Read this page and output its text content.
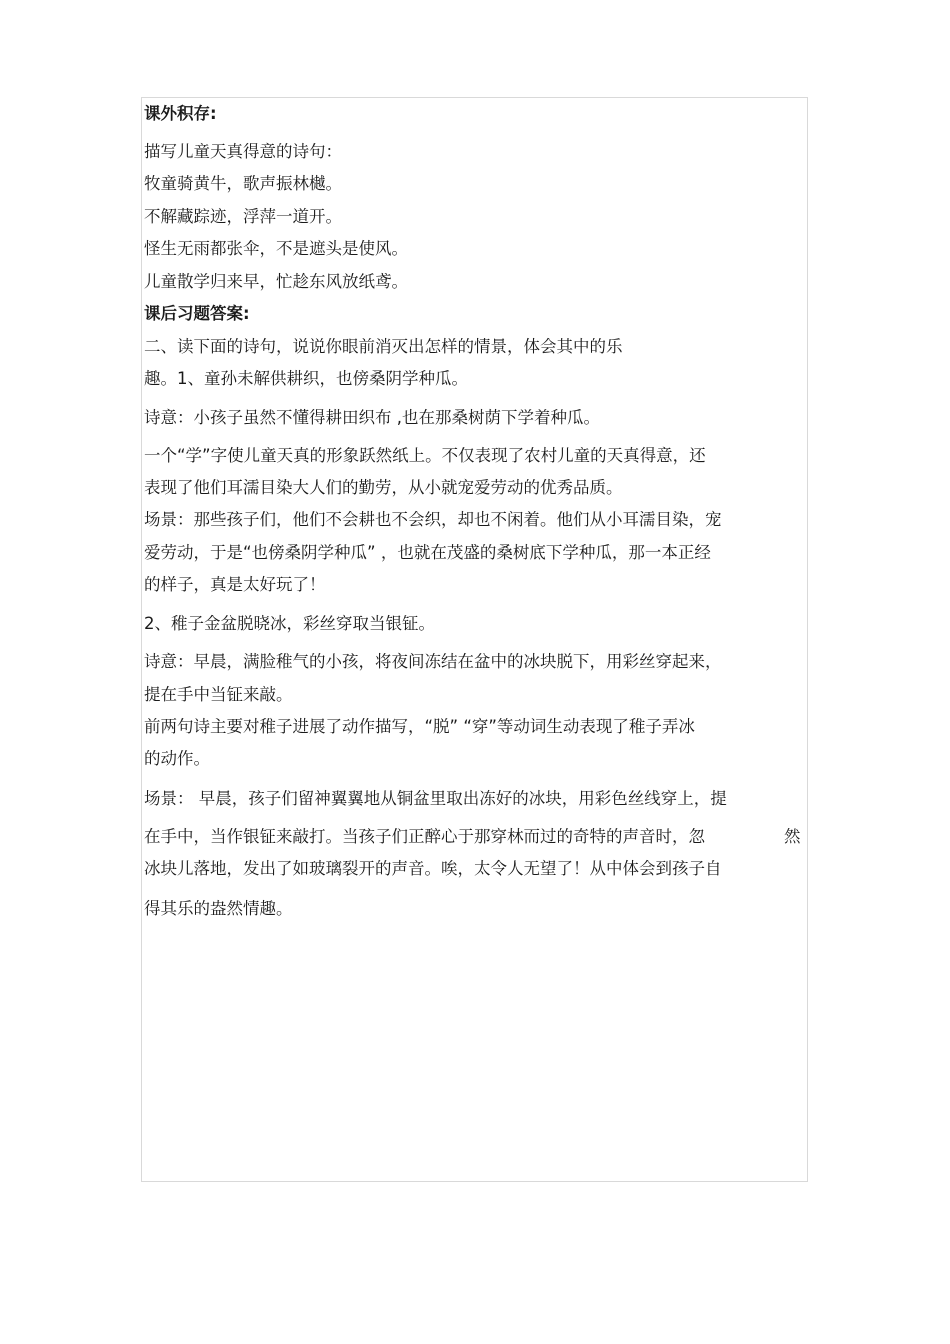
课外积存:
描写儿童天真得意的诗句：
牧童骑黄牛，歌声振林樾。
不解藏踪迹，浮萍一道开。
怪生无雨都张伞，不是遮头是使风。
儿童散学归来早，忙趁东风放纸鸢。
课后习题答案:
二、读下面的诗句，说说你眼前消灭出怎样的情景，体会其中的乐
趣。1、童孙未解供耕织，也傍桑阴学种瓜。
诗意：小孩子虽然不懂得耕田织布 ,也在那桑树荫下学着种瓜。
一个“学”字使儿童天真的形象跃然纸上。不仅表现了农村儿童的天真得意，还
表现了他们耳濡目染大人们的勤劳，从小就宠爱劳动的优秀品质。
场景：那些孩子们，他们不会耕也不会织，却也不闲着。他们从小耳濡目染，宠
爱劳动，于是“也傍桑阴学种瓜” ，也就在茂盛的桑树底下学种瓜，那一本正经
的样子，真是太好玩了！
2、稚子金盆脱晓冰，彩丝穿取当银钲。
诗意：早晨，满脸稚气的小孩，将夜间冻结在盆中的冰块脱下，用彩丝穿起来，
提在手中当钲来敲。
前两句诗主要对稚子进展了动作描写，“脱” “穿”等动词生动表现了稚子弄冰
的动作。
场景： 早晨，孩子们留神翼翼地从铜盆里取出冻好的冰块，用彩色丝线穿上，提
在手中，当作银钲来敲打。当孩子们正醉心于那穿林而过的奇特的声音时，忽	然
冰块儿落地，发出了如玻璃裂开的声音。唉，太令人无望了！从中体会到孩子自
得其乐的盎然情趣。
